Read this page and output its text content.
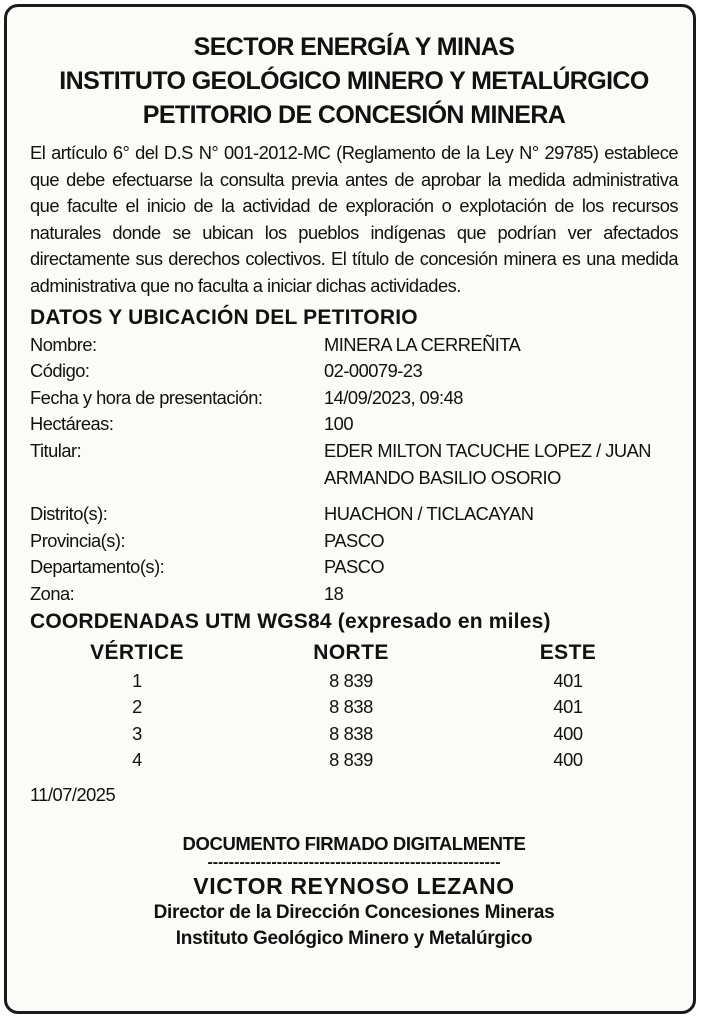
SECTOR ENERGÍA Y MINAS
INSTITUTO GEOLÓGICO MINERO Y METALÚRGICO
PETITORIO DE CONCESIÓN MINERA
El artículo 6° del D.S N° 001-2012-MC (Reglamento de la Ley N° 29785) establece que debe efectuarse la consulta previa antes de aprobar la medida administrativa que faculte el inicio de la actividad de exploración o explotación de los recursos naturales donde se ubican los pueblos indígenas que podrían ver afectados directamente sus derechos colectivos. El título de concesión minera es una medida administrativa que no faculta a iniciar dichas actividades.
DATOS Y UBICACIÓN DEL PETITORIO
Nombre:	MINERA LA CERREÑITA
Código:	02-00079-23
Fecha y hora de presentación:	14/09/2023, 09:48
Hectáreas:	100
Titular:	EDER MILTON TACUCHE LOPEZ / JUAN ARMANDO BASILIO OSORIO
Distrito(s):	HUACHON / TICLACAYAN
Provincia(s):	PASCO
Departamento(s):	PASCO
Zona:	18
COORDENADAS UTM WGS84 (expresado en miles)
VÉRTICE	NORTE	ESTE
1	8 839	401
2	8 838	401
3	8 838	400
4	8 839	400
11/07/2025
DOCUMENTO FIRMADO DIGITALMENTE
-------------------------------------------------------
VICTOR REYNOSO LEZANO
Director de la Dirección Concesiones Mineras
Instituto Geológico Minero y Metalúrgico
